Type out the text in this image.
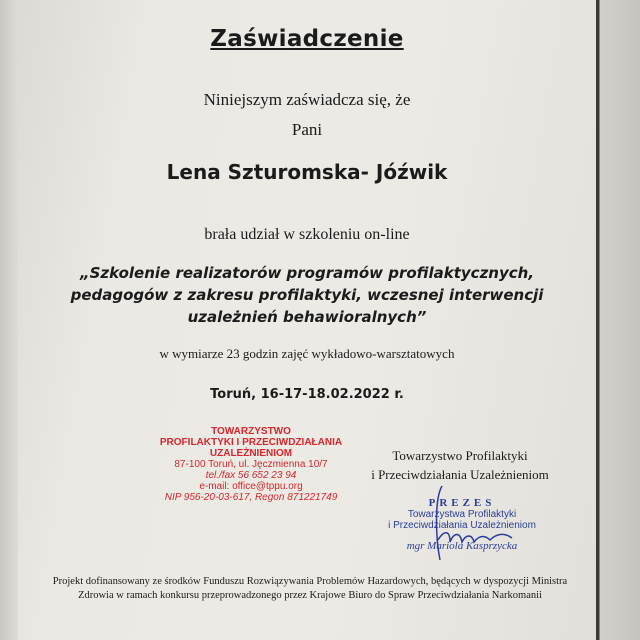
Zaświadczenie
Niniejszym zaświadcza się, że
Pani
Lena Szturomska- Jóźwik
brała udział w szkoleniu on-line
„Szkolenie realizatorów programów profilaktycznych,
pedagogów z zakresu profilaktyki, wczesnej interwencji
uzależnień behawioralnych”
w wymiarze 23 godzin zajęć wykładowo-warsztatowych
Toruń, 16-17-18.02.2022 r.
TOWARZYSTWO
PROFILAKTYKI I PRZECIWDZIAŁANIA
UZALEŻNIENIOM
87-100 Toruń, ul. Jęczmienna 10/7
tel./fax 56 652 23 94
e-mail: office@tppu.org
NIP 956-20-03-617, Regon 871221749
Towarzystwo Profilaktyki
i Przeciwdziałania Uzależnieniom
PREZES
Towarzystwa Profilaktyki
i Przeciwdziałania Uzależnieniom
mgr Mariola Kasprzycka
Projekt dofinansowany ze środków Funduszu Rozwiązywania Problemów Hazardowych, będących w dyspozycji Ministra
Zdrowia w ramach konkursu przeprowadzonego przez Krajowe Biuro do Spraw Przeciwdziałania Narkomanii
